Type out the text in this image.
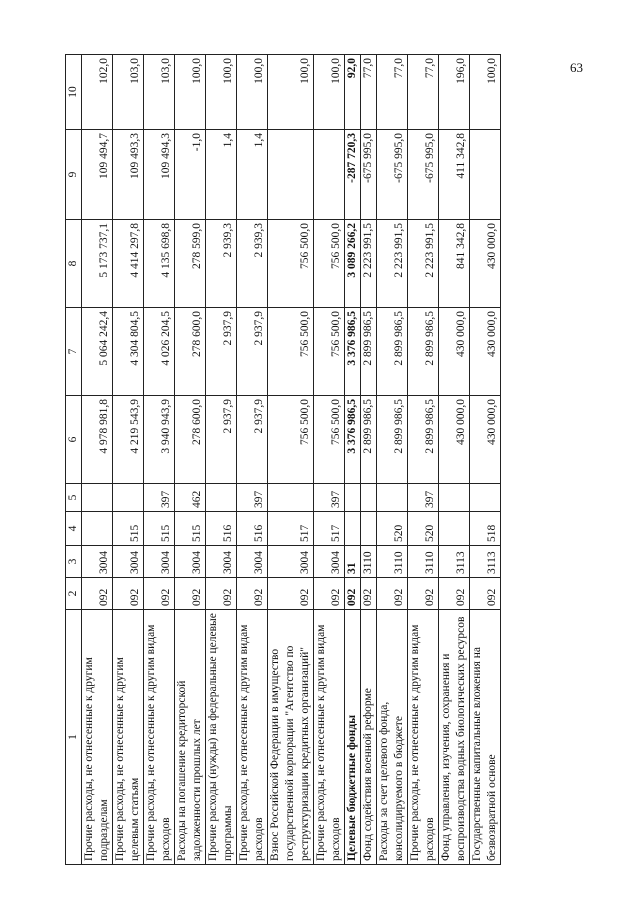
63
1	2	3	4	5	6	7	8	9	10
Прочие расходы, не отнесенные к другим подразделам	092	3004			4 978 981,8	5 064 242,4	5 173 737,1	109 494,7	102,0
Прочие расходы, не отнесенные к другим целевым статьям	092	3004	515		4 219 543,9	4 304 804,5	4 414 297,8	109 493,3	103,0
Прочие расходы, не отнесенные к другим видам расходов	092	3004	515	397	3 940 943,9	4 026 204,5	4 135 698,8	109 494,3	103,0
Расходы на погашение кредиторской задолженности прошлых лет	092	3004	515	462	278 600,0	278 600,0	278 599,0	-1,0	100,0
Прочие расходы (нужды) на федеральные целевые программы	092	3004	516		2 937,9	2 937,9	2 939,3	1,4	100,0
Прочие расходы, не отнесенные к другим видам расходов	092	3004	516	397	2 937,9	2 937,9	2 939,3	1,4	100,0
Взнос Российской Федерации в имущество государственной корпорации "Агентство по реструктуризации кредитных организаций"	092	3004	517		756 500,0	756 500,0	756 500,0		100,0
Прочие расходы, не отнесенные к другим видам расходов	092	3004	517	397	756 500,0	756 500,0	756 500,0		100,0
Целевые бюджетные фонды	092	31			3 376 986,5	3 376 986,5	3 089 266,2	-287 720,3	92,0
Фонд содействия военной реформе	092	3110			2 899 986,5	2 899 986,5	2 223 991,5	-675 995,0	77,0
Расходы за счет целевого фонда, консолидируемого в бюджете	092	3110	520		2 899 986,5	2 899 986,5	2 223 991,5	-675 995,0	77,0
Прочие расходы, не отнесенные к другим видам расходов	092	3110	520	397	2 899 986,5	2 899 986,5	2 223 991,5	-675 995,0	77,0
Фонд управления, изучения, сохранения и воспроизводства водных биологических ресурсов	092	3113			430 000,0	430 000,0	841 342,8	411 342,8	196,0
Государственные капитальные вложения на безвозвратной основе	092	3113	518		430 000,0	430 000,0	430 000,0		100,0
